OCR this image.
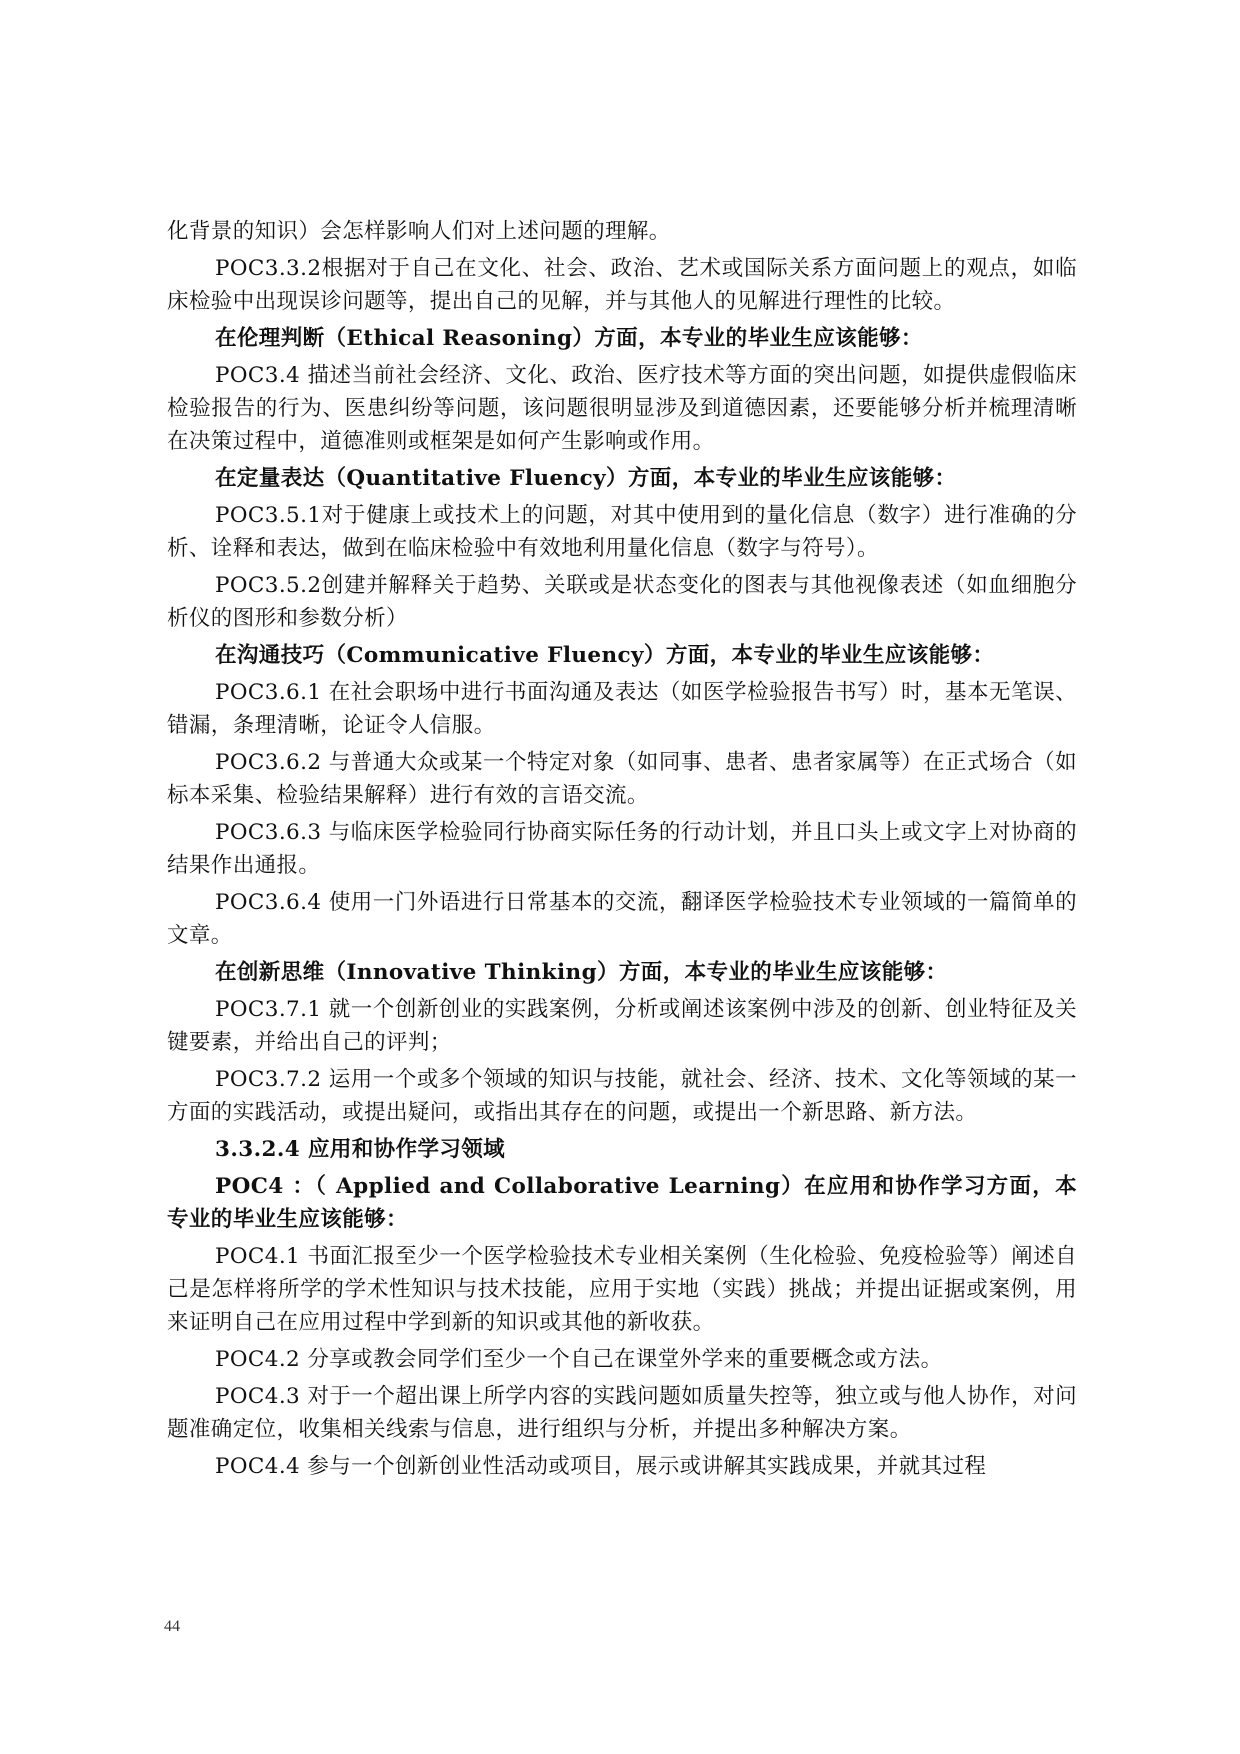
化背景的知识）会怎样影响人们对上述问题的理解。

POC3.3.2根据对于自己在文化、社会、政治、艺术或国际关系方面问题上的观点，如临床检验中出现误诊问题等，提出自己的见解，并与其他人的见解进行理性的比较。

在伦理判断（Ethical Reasoning）方面，本专业的毕业生应该能够：

POC3.4 描述当前社会经济、文化、政治、医疗技术等方面的突出问题，如提供虚假临床检验报告的行为、医患纠纷等问题，该问题很明显涉及到道德因素，还要能够分析并梳理清晰在决策过程中，道德准则或框架是如何产生影响或作用。

在定量表达（Quantitative Fluency）方面，本专业的毕业生应该能够：

POC3.5.1对于健康上或技术上的问题，对其中使用到的量化信息（数字）进行准确的分析、诠释和表达，做到在临床检验中有效地利用量化信息（数字与符号）。

POC3.5.2创建并解释关于趋势、关联或是状态变化的图表与其他视像表述（如血细胞分析仪的图形和参数分析）

在沟通技巧（Communicative Fluency）方面，本专业的毕业生应该能够：

POC3.6.1 在社会职场中进行书面沟通及表达（如医学检验报告书写）时，基本无笔误、错漏，条理清晰，论证令人信服。

POC3.6.2 与普通大众或某一个特定对象（如同事、患者、患者家属等）在正式场合（如标本采集、检验结果解释）进行有效的言语交流。

POC3.6.3 与临床医学检验同行协商实际任务的行动计划，并且口头上或文字上对协商的结果作出通报。

POC3.6.4 使用一门外语进行日常基本的交流，翻译医学检验技术专业领域的一篇简单的文章。

在创新思维（Innovative Thinking）方面，本专业的毕业生应该能够：

POC3.7.1 就一个创新创业的实践案例，分析或阐述该案例中涉及的创新、创业特征及关键要素，并给出自己的评判；

POC3.7.2 运用一个或多个领域的知识与技能，就社会、经济、技术、文化等领域的某一方面的实践活动，或提出疑问，或指出其存在的问题，或提出一个新思路、新方法。

3.3.2.4 应用和协作学习领域

POC4 ：（ Applied and Collaborative Learning）在应用和协作学习方面，本专业的毕业生应该能够：

POC4.1 书面汇报至少一个医学检验技术专业相关案例（生化检验、免疫检验等）阐述自己是怎样将所学的学术性知识与技术技能，应用于实地（实践）挑战；并提出证据或案例，用来证明自己在应用过程中学到新的知识或其他的新收获。

POC4.2 分享或教会同学们至少一个自己在课堂外学来的重要概念或方法。

POC4.3 对于一个超出课上所学内容的实践问题如质量失控等，独立或与他人协作，对问题准确定位，收集相关线索与信息，进行组织与分析，并提出多种解决方案。

POC4.4 参与一个创新创业性活动或项目，展示或讲解其实践成果，并就其过程

44
